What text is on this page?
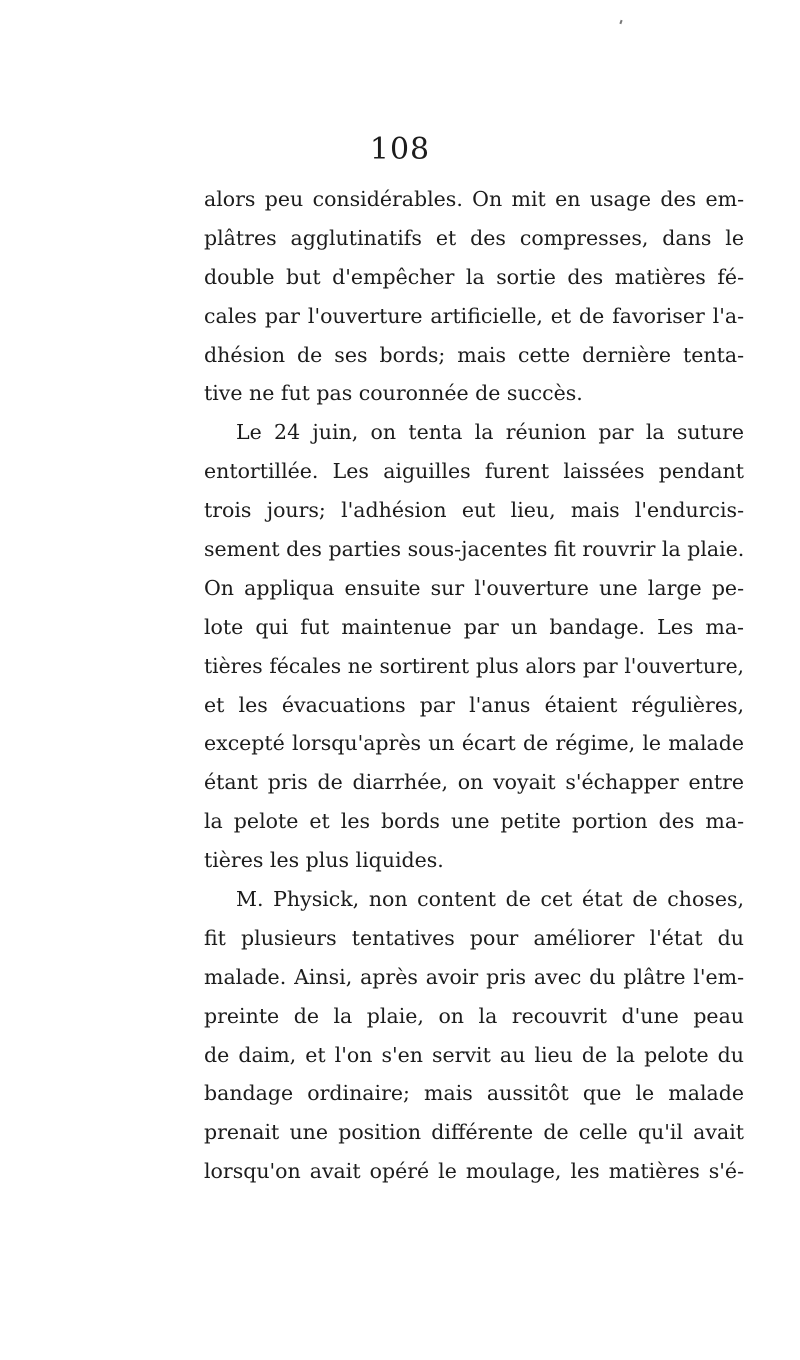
108
alors peu considérables. On mit en usage des em-
plâtres agglutinatifs et des compresses, dans le
double but d'empêcher la sortie des matières fé-
cales par l'ouverture artificielle, et de favoriser l'a-
dhésion de ses bords; mais cette dernière tenta-
tive ne fut pas couronnée de succès.
Le 24 juin, on tenta la réunion par la suture
entortillée. Les aiguilles furent laissées pendant
trois jours; l'adhésion eut lieu, mais l'endurcis-
sement des parties sous-jacentes fit rouvrir la plaie.
On appliqua ensuite sur l'ouverture une large pe-
lote qui fut maintenue par un bandage. Les ma-
tières fécales ne sortirent plus alors par l'ouverture,
et les évacuations par l'anus étaient régulières,
excepté lorsqu'après un écart de régime, le malade
étant pris de diarrhée, on voyait s'échapper entre
la pelote et les bords une petite portion des ma-
tières les plus liquides.
M. Physick, non content de cet état de choses,
fit plusieurs tentatives pour améliorer l'état du
malade. Ainsi, après avoir pris avec du plâtre l'em-
preinte de la plaie, on la recouvrit d'une peau
de daim, et l'on s'en servit au lieu de la pelote du
bandage ordinaire; mais aussitôt que le malade
prenait une position différente de celle qu'il avait
lorsqu'on avait opéré le moulage, les matières s'é-
